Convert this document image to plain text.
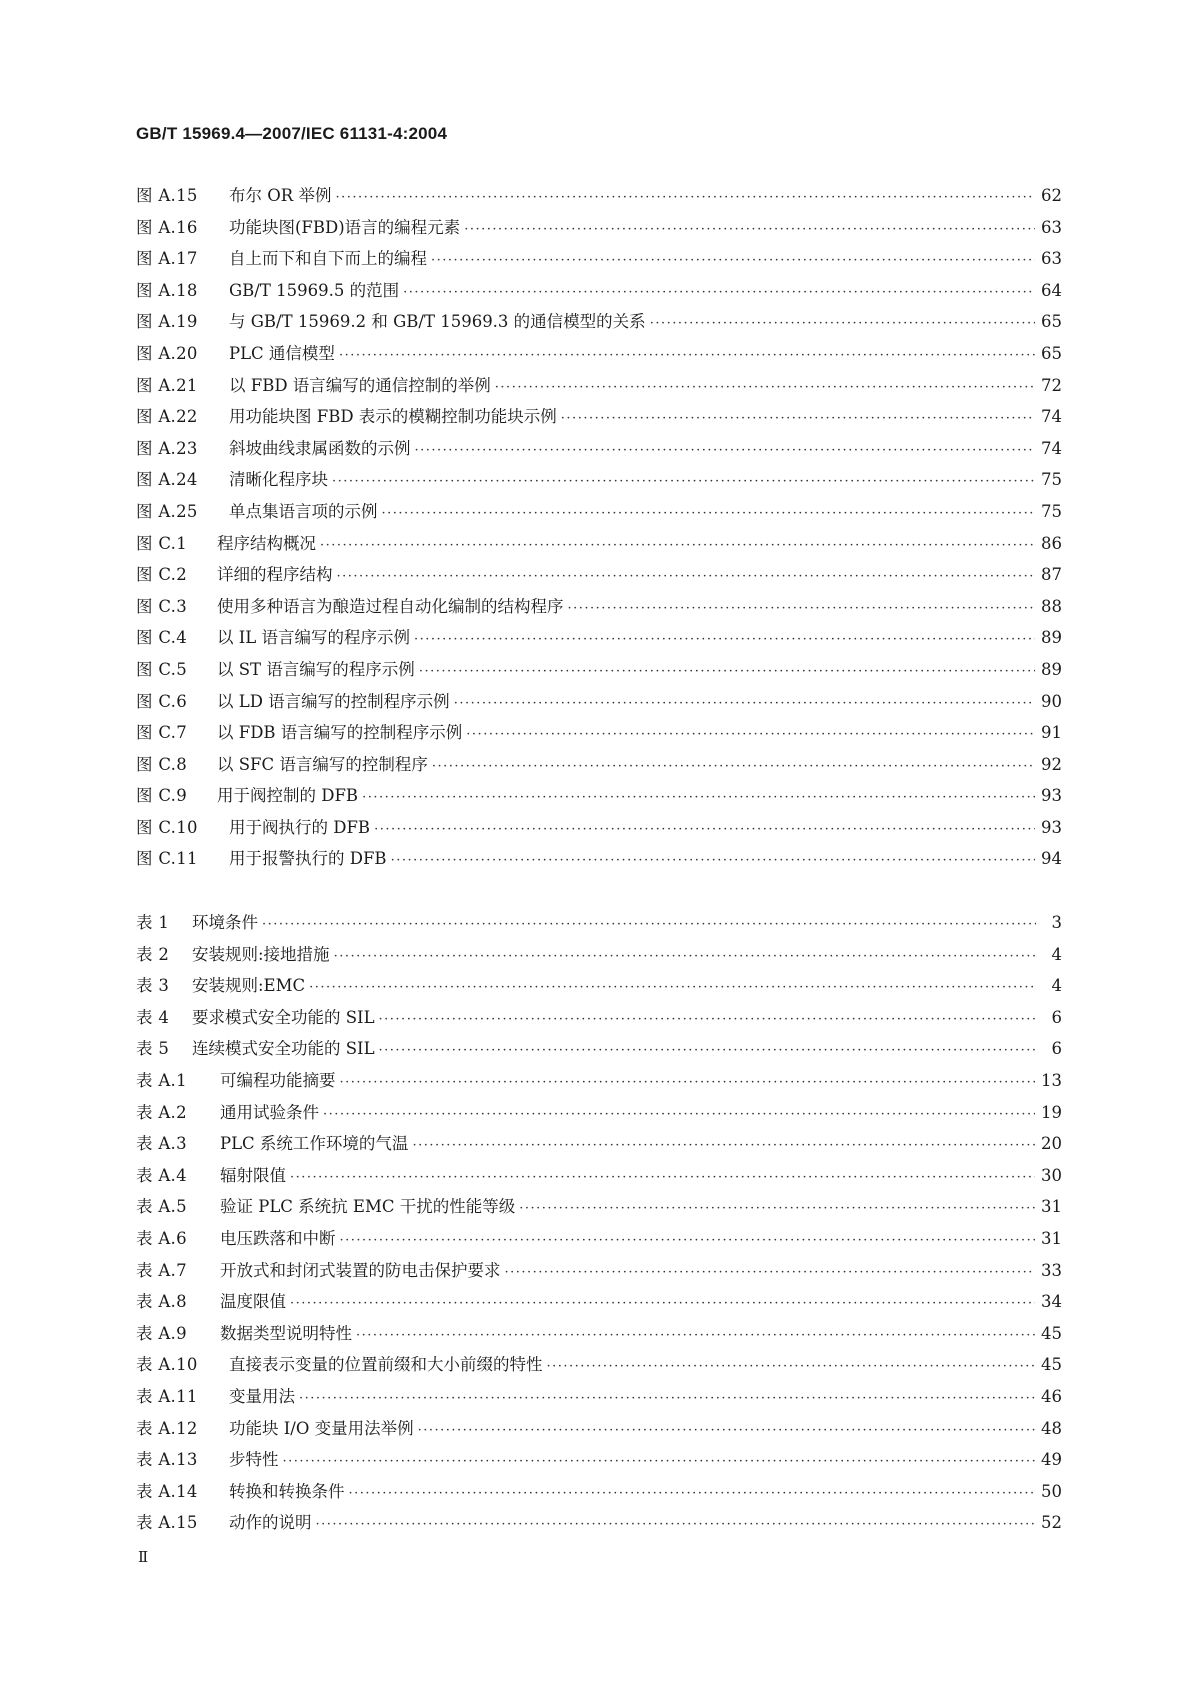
GB/T 15969.4—2007/IEC 61131-4:2004
图 A.15	布尔 OR 举例 ·····	62
图 A.16	功能块图(FBD)语言的编程元素 ·····	63
图 A.17	自上而下和自下而上的编程 ·····	63
图 A.18	GB/T 15969.5 的范围 ·····	64
图 A.19	与 GB/T 15969.2 和 GB/T 15969.3 的通信模型的关系 ·····	65
图 A.20	PLC 通信模型 ·····	65
图 A.21	以 FBD 语言编写的通信控制的举例 ·····	72
图 A.22	用功能块图 FBD 表示的模糊控制功能块示例 ·····	74
图 A.23	斜坡曲线隶属函数的示例 ·····	74
图 A.24	清晰化程序块 ·····	75
图 A.25	单点集语言项的示例 ·····	75
图 C.1	程序结构概况 ·····	86
图 C.2	详细的程序结构 ·····	87
图 C.3	使用多种语言为酿造过程自动化编制的结构程序 ·····	88
图 C.4	以 IL 语言编写的程序示例 ·····	89
图 C.5	以 ST 语言编写的程序示例 ·····	89
图 C.6	以 LD 语言编写的控制程序示例 ·····	90
图 C.7	以 FDB 语言编写的控制程序示例 ·····	91
图 C.8	以 SFC 语言编写的控制程序 ·····	92
图 C.9	用于阀控制的 DFB ·····	93
图 C.10	用于阀执行的 DFB ·····	93
图 C.11	用于报警执行的 DFB ·····	94
表 1	环境条件 ·····	3
表 2	安装规则:接地措施 ·····	4
表 3	安装规则:EMC ·····	4
表 4	要求模式安全功能的 SIL ·····	6
表 5	连续模式安全功能的 SIL ·····	6
表 A.1	可编程功能摘要 ·····	13
表 A.2	通用试验条件 ·····	19
表 A.3	PLC 系统工作环境的气温 ·····	20
表 A.4	辐射限值 ·····	30
表 A.5	验证 PLC 系统抗 EMC 干扰的性能等级 ·····	31
表 A.6	电压跌落和中断 ·····	31
表 A.7	开放式和封闭式装置的防电击保护要求 ·····	33
表 A.8	温度限值 ·····	34
表 A.9	数据类型说明特性 ·····	45
表 A.10	直接表示变量的位置前缀和大小前缀的特性 ·····	45
表 A.11	变量用法 ·····	46
表 A.12	功能块 I/O 变量用法举例 ·····	48
表 A.13	步特性 ·····	49
表 A.14	转换和转换条件 ·····	50
表 A.15	动作的说明 ·····	52
Ⅱ
